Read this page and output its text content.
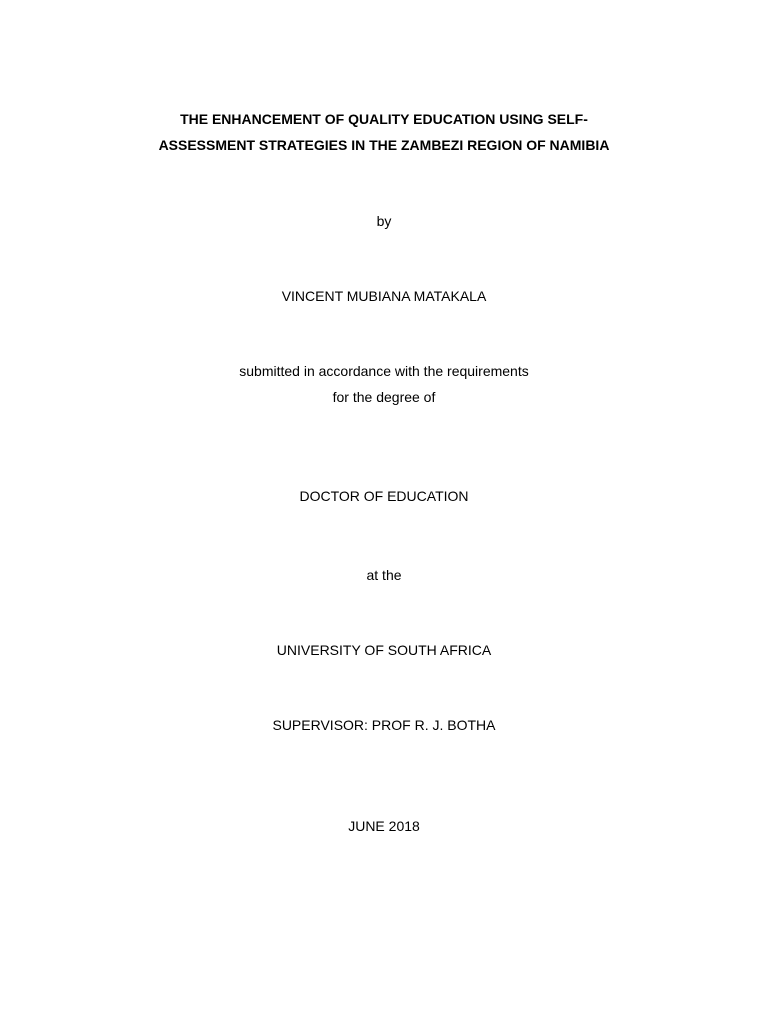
THE ENHANCEMENT OF QUALITY EDUCATION USING SELF-
ASSESSMENT STRATEGIES IN THE ZAMBEZI REGION OF NAMIBIA
by
VINCENT MUBIANA MATAKALA
submitted in accordance with the requirements
for the degree of
DOCTOR OF EDUCATION
at the
UNIVERSITY OF SOUTH AFRICA
SUPERVISOR: PROF R. J. BOTHA
JUNE 2018
